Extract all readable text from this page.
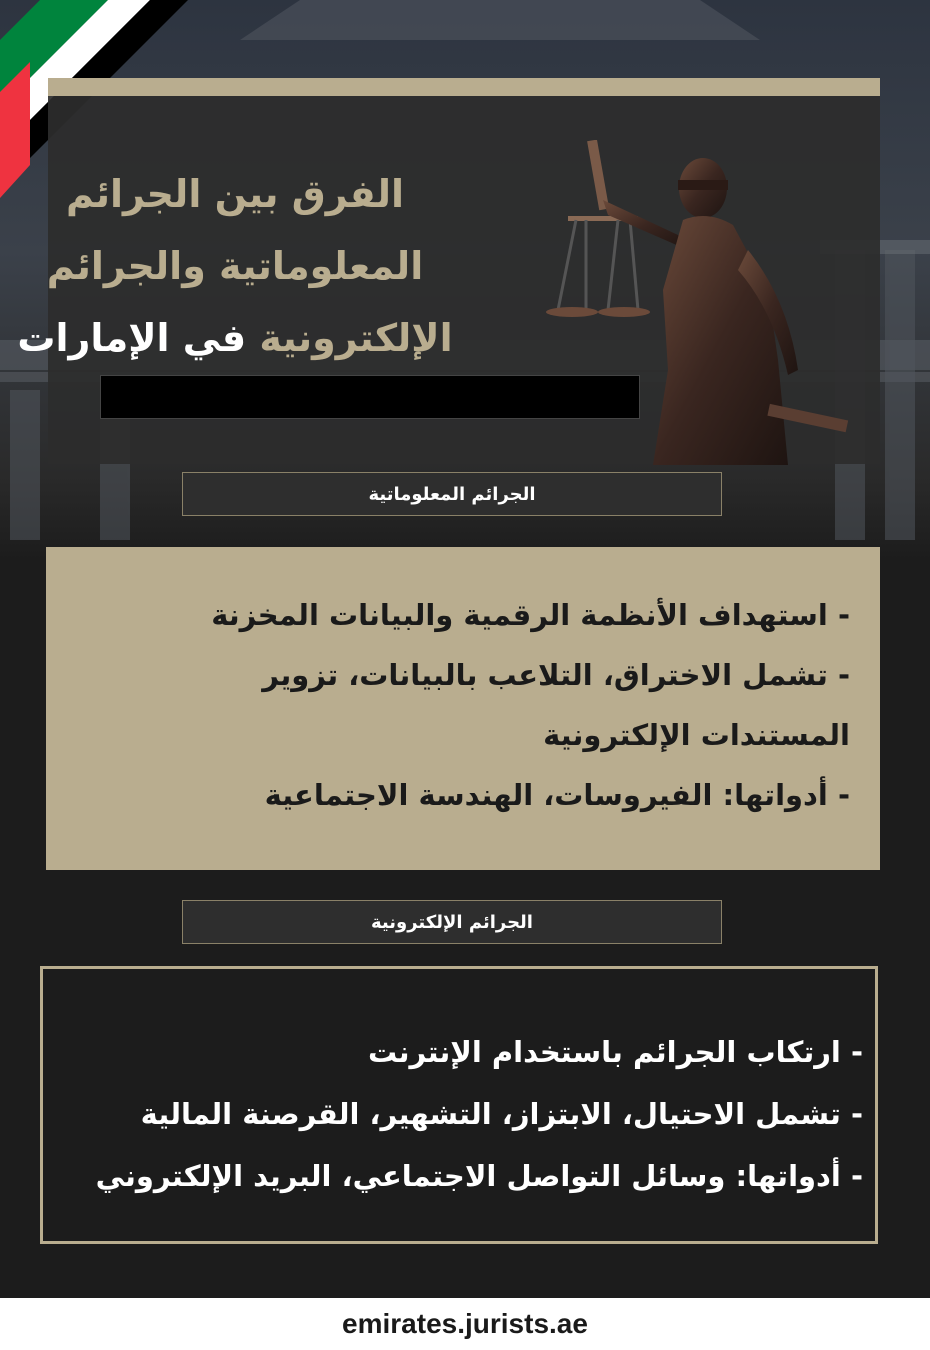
الفرق بين الجرائم
المعلوماتية والجرائم
الإلكترونية في الإمارات
الجرائم المعلوماتية
- استهداف الأنظمة الرقمية والبيانات المخزنة
- تشمل الاختراق، التلاعب بالبيانات، تزوير المستندات الإلكترونية
- أدواتها: الفيروسات، الهندسة الاجتماعية
الجرائم الإلكترونية
- ارتكاب الجرائم باستخدام الإنترنت
- تشمل الاحتيال، الابتزاز، التشهير، القرصنة المالية
- أدواتها: وسائل التواصل الاجتماعي، البريد الإلكتروني
emirates.jurists.ae
